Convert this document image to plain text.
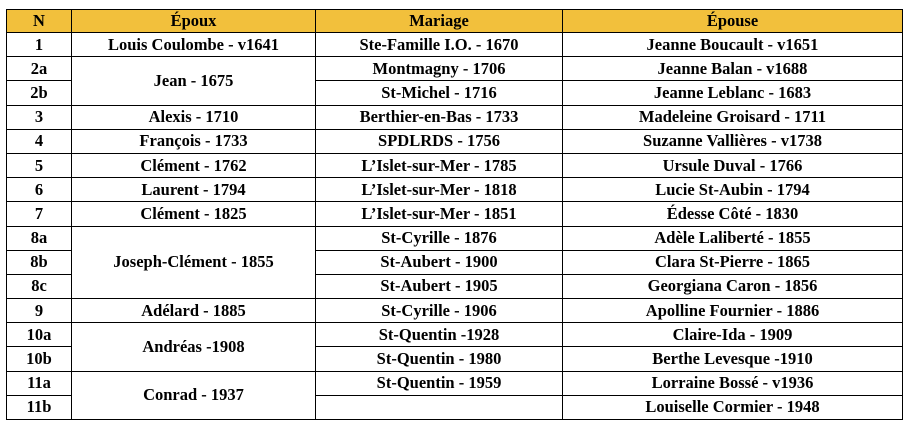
N	Époux	Mariage	Épouse
1	Louis Coulombe - v1641	Ste-Famille I.O. - 1670	Jeanne Boucault - v1651
2a	Jean - 1675	Montmagny - 1706	Jeanne Balan - v1688
2b		St-Michel - 1716	Jeanne Leblanc - 1683
3	Alexis - 1710	Berthier-en-Bas - 1733	Madeleine Groisard - 1711
4	François - 1733	SPDLRDS - 1756	Suzanne Vallières - v1738
5	Clément - 1762	L’Islet-sur-Mer - 1785	Ursule Duval - 1766
6	Laurent - 1794	L’Islet-sur-Mer - 1818	Lucie St-Aubin - 1794
7	Clément - 1825	L’Islet-sur-Mer - 1851	Édesse Côté - 1830
8a	Joseph-Clément - 1855	St-Cyrille - 1876	Adèle Laliberté - 1855
8b		St-Aubert - 1900	Clara St-Pierre - 1865
8c		St-Aubert - 1905	Georgiana Caron - 1856
9	Adélard - 1885	St-Cyrille - 1906	Apolline Fournier - 1886
10a	Andréas -1908	St-Quentin -1928	Claire-Ida - 1909
10b		St-Quentin - 1980	Berthe Levesque -1910
11a	Conrad - 1937	St-Quentin - 1959	Lorraine Bossé - v1936
11b			Louiselle Cormier - 1948
